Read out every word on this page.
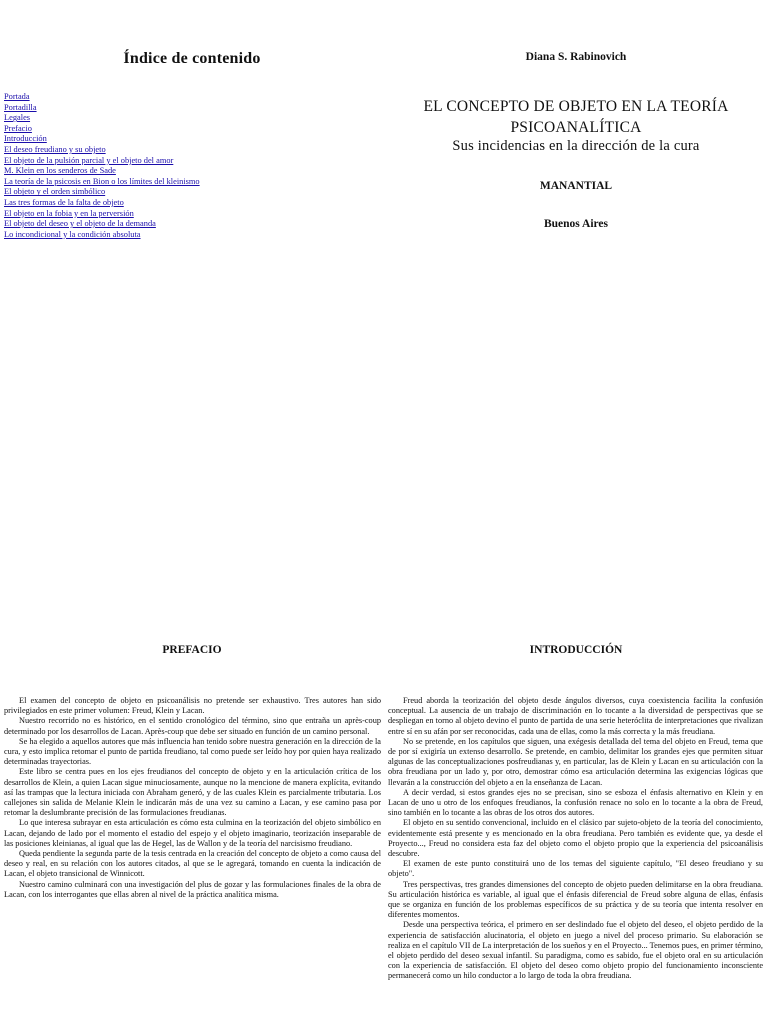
Índice de contenido
Portada
Portadilla
Legales
Prefacio
Introducción
El deseo freudiano y su objeto
El objeto de la pulsión parcial y el objeto del amor
M. Klein en los senderos de Sade
La teoría de la psicosis en Bion o los límites del kleinismo
El objeto y el orden simbólico
Las tres formas de la falta de objeto
El objeto en la fobia y en la perversión
El objeto del deseo y el objeto de la demanda
Lo incondicional y la condición absoluta
Diana S. Rabinovich
EL CONCEPTO DE OBJETO EN LA TEORÍA
PSICOANALÍTICA
Sus incidencias en la dirección de la cura
MANANTIAL
Buenos Aires
PREFACIO	INTRODUCCIÓN

El examen del concepto de objeto en psicoanálisis no pretende ser exhaustivo. Tres autores han sido privilegiados en este primer volumen: Freud, Klein y Lacan.

Nuestro recorrido no es histórico, en el sentido cronológico del término, sino que entraña un après-coup determinado por los desarrollos de Lacan. Après-coup que debe ser situado en función de un camino personal.

Se ha elegido a aquellos autores que más influencia han tenido sobre nuestra generación en la dirección de la cura, y esto implica retomar el punto de partida freudiano, tal como puede ser leído hoy por quien haya realizado determinadas trayectorias.

Este libro se centra pues en los ejes freudianos del concepto de objeto y en la articulación crítica de los desarrollos de Klein, a quien Lacan sigue minuciosamente, aunque no la mencione de manera explícita, evitando así las trampas que la lectura iniciada con Abraham generó, y de las cuales Klein es parcialmente tributaria. Los callejones sin salida de Melanie Klein le indicarán más de una vez su camino a Lacan, y ese camino pasa por retomar la deslumbrante precisión de las formulaciones freudianas.

Lo que interesa subrayar en esta articulación es cómo esta culmina en la teorización del objeto simbólico en Lacan, dejando de lado por el momento el estadio del espejo y el objeto imaginario, teorización inseparable de las posiciones kleinianas, al igual que las de Hegel, las de Wallon y de la teoría del narcisismo freudiano.

Queda pendiente la segunda parte de la tesis centrada en la creación del concepto de objeto a como causa del deseo y real, en su relación con los autores citados, al que se le agregará, tomando en cuenta la indicación de Lacan, el objeto transicional de Winnicott.

Nuestro camino culminará con una investigación del plus de gozar y las formulaciones finales de la obra de Lacan, con los interrogantes que ellas abren al nivel de la práctica analítica misma.

Freud aborda la teorización del objeto desde ángulos diversos, cuya coexistencia facilita la confusión conceptual. La ausencia de un trabajo de discriminación en lo tocante a la diversidad de perspectivas que se despliegan en torno al objeto devino el punto de partida de una serie heteróclita de interpretaciones que rivalizan entre sí en su afán por ser reconocidas, cada una de ellas, como la más correcta y la más freudiana.

No se pretende, en los capítulos que siguen, una exégesis detallada del tema del objeto en Freud, tema que de por sí exigiría un extenso desarrollo. Se pretende, en cambio, delimitar los grandes ejes que permiten situar algunas de las conceptualizaciones posfreudianas y, en particular, las de Klein y Lacan en su articulación con la obra freudiana por un lado y, por otro, demostrar cómo esa articulación determina las exigencias lógicas que llevarán a la construcción del objeto a en la enseñanza de Lacan.

A decir verdad, si estos grandes ejes no se precisan, sino se esboza el énfasis alternativo en Klein y en Lacan de uno u otro de los enfoques freudianos, la confusión renace no solo en lo tocante a la obra de Freud, sino también en lo tocante a las obras de los otros dos autores.

El objeto en su sentido convencional, incluido en el clásico par sujeto-objeto de la teoría del conocimiento, evidentemente está presente y es mencionado en la obra freudiana. Pero también es evidente que, ya desde el Proyecto..., Freud no considera esta faz del objeto como el objeto propio que la experiencia del psicoanálisis descubre.

El examen de este punto constituirá uno de los temas del siguiente capítulo, "El deseo freudiano y su objeto".

Tres perspectivas, tres grandes dimensiones del concepto de objeto pueden delimitarse en la obra freudiana. Su articulación histórica es variable, al igual que el énfasis diferencial de Freud sobre alguna de ellas, énfasis que se organiza en función de los problemas específicos de su práctica y de su teoría que intenta resolver en diferentes momentos.

Desde una perspectiva teórica, el primero en ser deslindado fue el objeto del deseo, el objeto perdido de la experiencia de satisfacción alucinatoria, el objeto en juego a nivel del proceso primario. Su elaboración se realiza en el capítulo VII de La interpretación de los sueños y en el Proyecto... Tenemos pues, en primer término, el objeto perdido del deseo sexual infantil. Su paradigma, como es sabido, fue el objeto oral en su articulación con la experiencia de satisfacción. El objeto del deseo como objeto propio del funcionamiento inconsciente permanecerá como un hilo conductor a lo largo de toda la obra freudiana.
